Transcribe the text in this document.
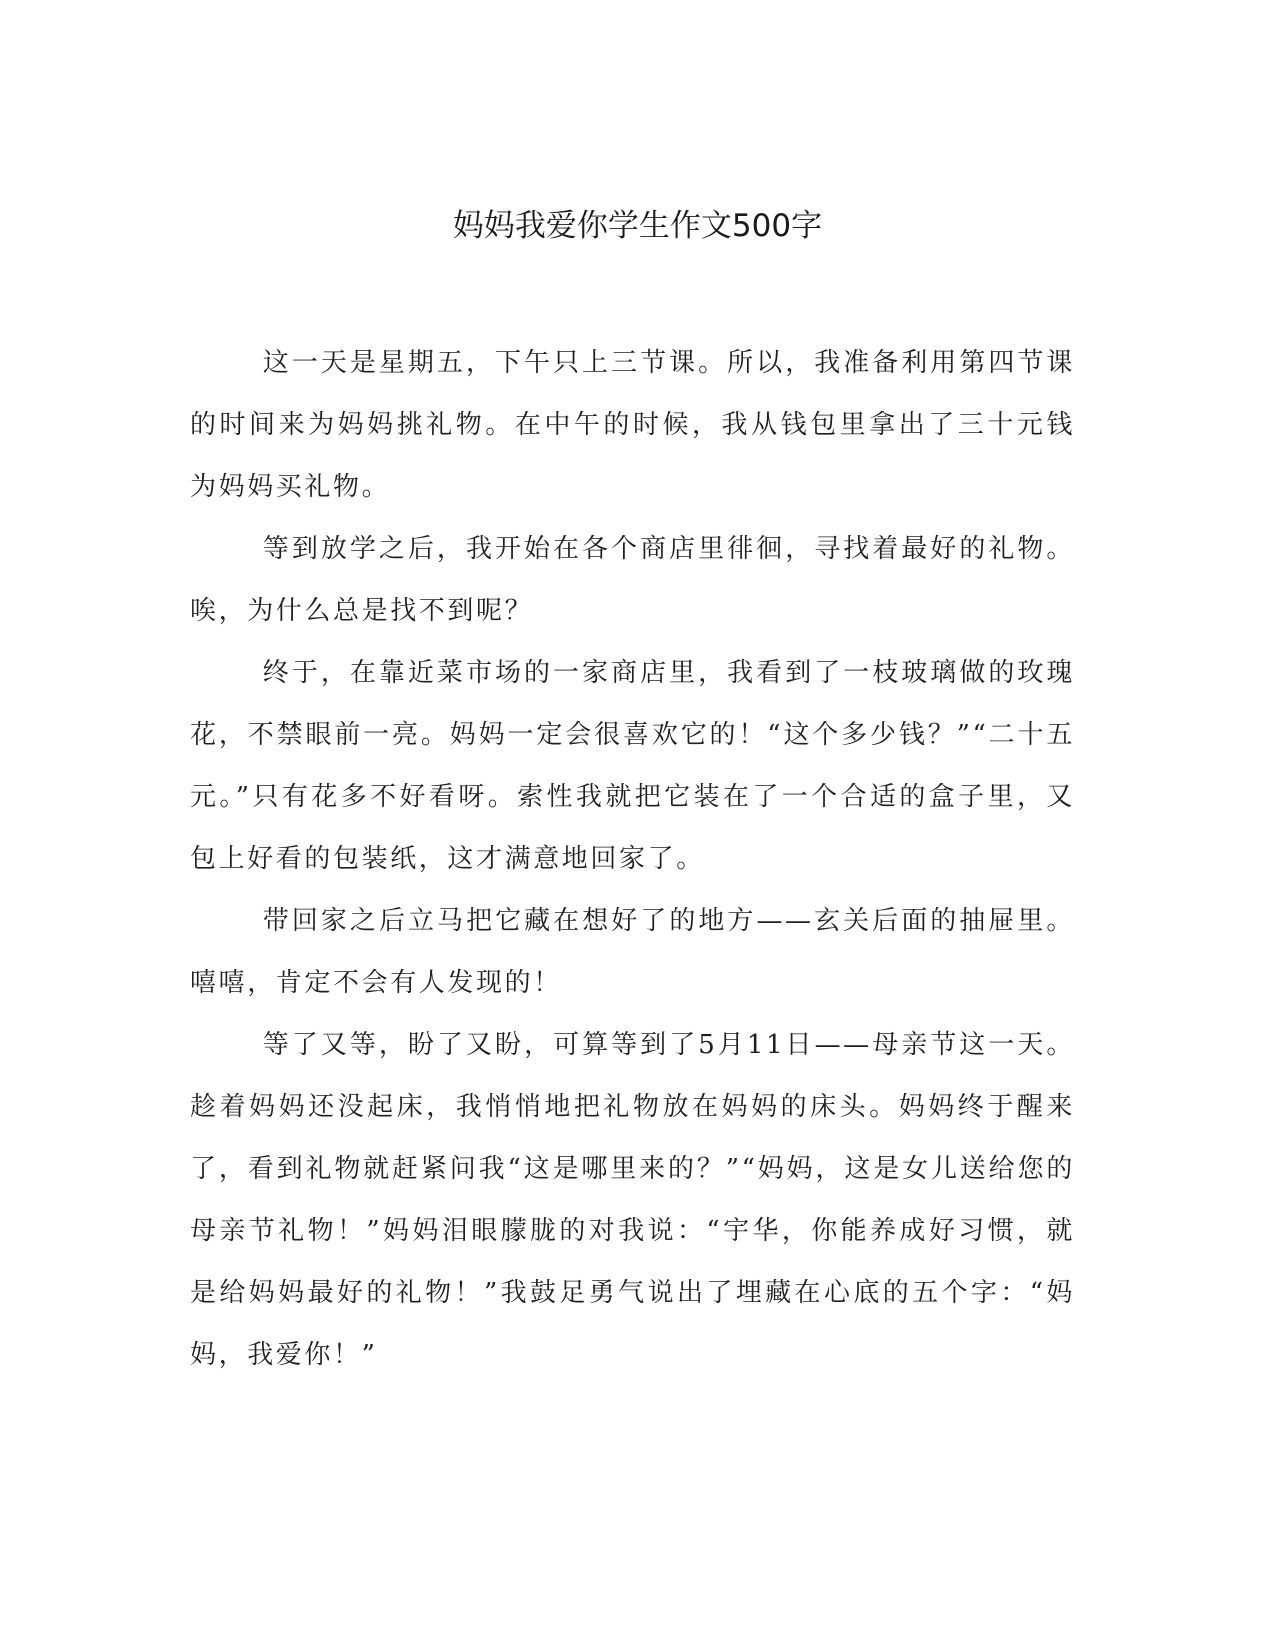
妈妈我爱你学生作文500字

这一天是星期五，下午只上三节课。所以，我准备利用第四节课的时间来为妈妈挑礼物。在中午的时候，我从钱包里拿出了三十元钱为妈妈买礼物。

等到放学之后，我开始在各个商店里徘徊，寻找着最好的礼物。唉，为什么总是找不到呢？

终于，在靠近菜市场的一家商店里，我看到了一枝玻璃做的玫瑰花，不禁眼前一亮。妈妈一定会很喜欢它的！“这个多少钱？”“二十五元。”只有花多不好看呀。索性我就把它装在了一个合适的盒子里，又包上好看的包装纸，这才满意地回家了。

带回家之后立马把它藏在想好了的地方——玄关后面的抽屉里。嘻嘻，肯定不会有人发现的！

等了又等，盼了又盼，可算等到了5月11日——母亲节这一天。趁着妈妈还没起床，我悄悄地把礼物放在妈妈的床头。妈妈终于醒来了，看到礼物就赶紧问我“这是哪里来的？”“妈妈，这是女儿送给您的母亲节礼物！”妈妈泪眼朦胧的对我说：“宇华，你能养成好习惯，就是给妈妈最好的礼物！”我鼓足勇气说出了埋藏在心底的五个字：“妈妈，我爱你！”
